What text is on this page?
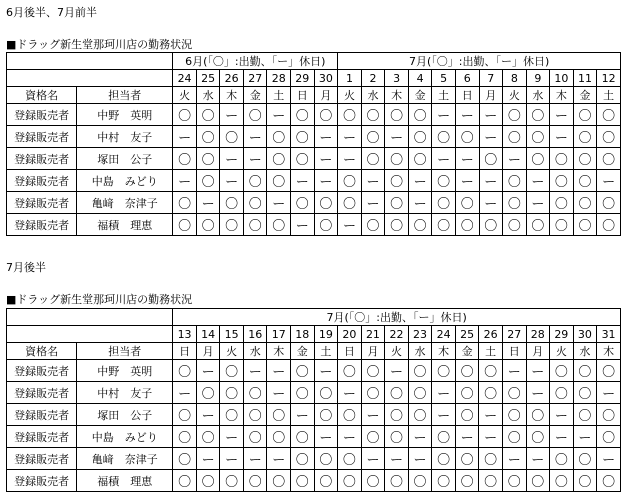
6月後半、7月前半
■ドラッグ新生堂那珂川店の勤務状況
		6月(「〇」:出勤、「ー」休日)							7月(「〇」:出勤、「ー」休日)											
		24	25	26	27	28	29	30	1	2	3	4	5	6	7	8	9	10	11	12
資格名	担当者	火	水	木	金	土	日	月	火	水	木	金	土	日	月	火	水	木	金	土
登録販売者	中野　英明	〇	〇	ー	〇	ー	〇	〇	〇	〇	〇	〇	ー	ー	ー	〇	〇	ー	〇	〇
登録販売者	中村　友子	ー	〇	〇	ー	〇	〇	ー	ー	〇	ー	〇	〇	〇	ー	〇	〇	ー	〇	〇
登録販売者	塚田　公子	〇	〇	ー	ー	〇	〇	ー	ー	〇	〇	〇	ー	ー	〇	ー	〇	〇	〇	〇
登録販売者	中島　みどり	ー	〇	ー	〇	〇	ー	ー	〇	ー	〇	ー	〇	ー	ー	〇	ー	〇	〇	ー
登録販売者	亀﨑　奈津子	〇	ー	〇	〇	ー	〇	〇	〇	ー	〇	ー	〇	〇	ー	〇	ー	〇	〇	〇
登録販売者	福積　理恵	〇	〇	〇	〇	〇	ー	〇	ー	〇	〇	〇	〇	〇	〇	〇	〇	〇	〇	〇
7月後半
■ドラッグ新生堂那珂川店の勤務状況
		7月(「〇」:出勤、「ー」休日)																		
		13	14	15	16	17	18	19	20	21	22	23	24	25	26	27	28	29	30	31
資格名	担当者	日	月	火	水	木	金	土	日	月	火	水	木	金	土	日	月	火	水	木
登録販売者	中野　英明	〇	ー	〇	ー	ー	〇	ー	〇	〇	ー	〇	〇	〇	〇	ー	ー	〇	〇	〇
登録販売者	中村　友子	ー	〇	〇	〇	ー	〇	〇	ー	〇	〇	〇	ー	〇	〇	〇	ー	〇	〇	ー
登録販売者	塚田　公子	〇	ー	〇	〇	〇	ー	〇	〇	ー	〇	〇	ー	〇	ー	〇	〇	ー	〇	〇
登録販売者	中島　みどり	〇	〇	ー	〇	〇	〇	ー	ー	〇	〇	ー	〇	ー	ー	〇	〇	ー	ー	〇
登録販売者	亀﨑　奈津子	〇	ー	ー	ー	ー	〇	〇	〇	ー	ー	ー	〇	〇	〇	ー	ー	〇	〇	ー
登録販売者	福積　理恵	〇	〇	〇	〇	〇	〇	〇	〇	〇	〇	〇	〇	〇	〇	〇	〇	〇	〇	〇
